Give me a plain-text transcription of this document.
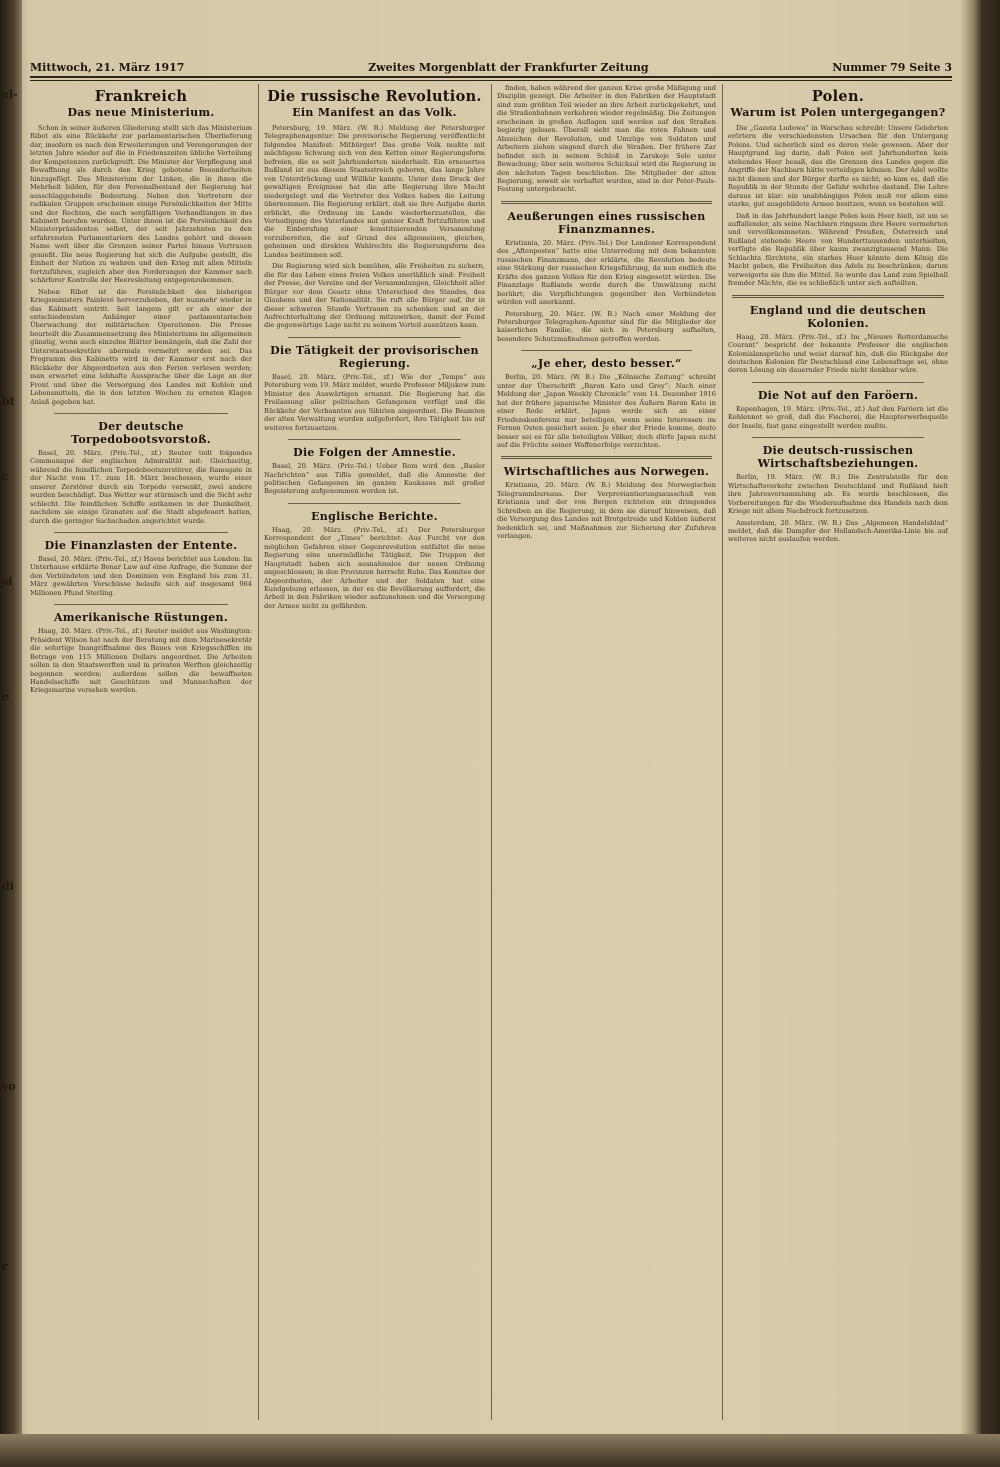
el-
bt
c
si
e
di
vo
r
Mittwoch, 21. März 1917	Zweites Morgenblatt der Frankfurter Zeitung	Nummer 79 Seite 3
Frankreich
Das neue Ministerium.

Schon in seiner äußeren Gliederung stellt sich das Ministerium Ribot als eine Rückkehr zur parlamentarischen Überlieferung dar, insofern es nach den Erweiterungen und Verengerungen der letzten Jahre wieder auf die in Friedenszeiten übliche Verteilung der Kompetenzen zurückgreift. Die Minister der Verpflegung und Bewaffnung als durch den Krieg gebotene Besonderheiten hinzugefügt. Das Ministerium der Linken, die in ihnen die Mehrheit bilden, für den Personalbestand der Regierung hat ausschlaggebende Bedeutung. Neben den Vertretern der radikalen Gruppen erscheinen einige Persönlichkeiten der Mitte und der Rechten, die nach sorgfältigen Verhandlungen in das Kabinett berufen wurden. Unter ihnen ist die Persönlichkeit des Ministerpräsidenten selbst, der seit Jahrzehnten zu den erfahrensten Parlamentariern des Landes gehört und dessen Name weit über die Grenzen seiner Partei hinaus Vertrauen genießt. Die neue Regierung hat sich die Aufgabe gestellt, die Einheit der Nation zu wahren und den Krieg mit allen Mitteln fortzuführen, zugleich aber den Forderungen der Kammer nach schärferer Kontrolle der Heeresleitung entgegenzukommen.

Neben Ribot ist die Persönlichkeit des bisherigen Kriegsministers Painlevé hervorzuheben, der nunmehr wieder in das Kabinett eintritt. Seit langem gilt er als einer der entschiedensten Anhänger einer parlamentarischen Überwachung der militärischen Operationen. Die Presse beurteilt die Zusammensetzung des Ministeriums im allgemeinen günstig, wenn auch einzelne Blätter bemängeln, daß die Zahl der Unterstaatssekretäre abermals vermehrt worden sei. Das Programm des Kabinetts wird in der Kammer erst nach der Rückkehr der Abgeordneten aus den Ferien verlesen werden; man erwartet eine lebhafte Aussprache über die Lage an der Front und über die Versorgung des Landes mit Kohlen und Lebensmitteln, die in den letzten Wochen zu ernsten Klagen Anlaß gegeben hat.

Der deutsche Torpedobootsvorstoß.

Basel, 20. März. (Priv.-Tel., zf.) Reuter teilt folgendes Communiqué der englischen Admiralität mit: Gleichzeitig, während die feindlichen Torpedobootszerstörer, die Ramsgate in der Nacht vom 17. zum 18. März beschossen, wurde einer unserer Zerstörer durch ein Torpedo versenkt, zwei andere wurden beschädigt. Das Wetter war stürmisch und die Sicht sehr schlecht. Die feindlichen Schiffe entkamen in der Dunkelheit, nachdem sie einige Granaten auf die Stadt abgefeuert hatten, durch die geringer Sachschaden angerichtet wurde.

Die Finanzlasten der Entente.

Basel, 20. März. (Priv.-Tel., zf.) Havas berichtet aus London: Im Unterhause erklärte Bonar Law auf eine Anfrage, die Summe der den Verbündeten und den Dominien von England bis zum 31. März gewährten Vorschüsse belaufe sich auf insgesamt 964 Millionen Pfund Sterling.

Amerikanische Rüstungen.

Haag, 20. März. (Priv.-Tel., zf.) Reuter meldet aus Washington: Präsident Wilson hat nach der Beratung mit dem Marinesekretär die sofortige Inangriffnahme des Baues von Kriegsschiffen im Betrage von 115 Millionen Dollars angeordnet. Die Arbeiten sollen in den Staatswerften und in privaten Werften gleichzeitig begonnen werden; außerdem sollen die bewaffneten Handelsschiffe mit Geschützen und Mannschaften der Kriegsmarine versehen werden.

Die russische Revolution.
Ein Manifest an das Volk.

Petersburg, 19. März. (W. B.) Meldung der Petersburger Telegraphenagentur: Die provisorische Regierung veröffentlicht folgendes Manifest: Mitbürger! Das große Volk mußte mit mächtigem Schwung sich von den Ketten einer Regierungsform befreien, die es seit Jahrhunderten niederhielt. Ein erneuertes Rußland ist aus diesem Staatsstreich geboren, das lange Jahre von Unterdrückung und Willkür kannte. Unter dem Druck der gewaltigen Ereignisse hat die alte Regierung ihre Macht niedergelegt und die Vertreter des Volkes haben die Leitung übernommen. Die Regierung erklärt, daß sie ihre Aufgabe darin erblickt, die Ordnung im Lande wiederherzustellen, die Verteidigung des Vaterlandes mit ganzer Kraft fortzuführen und die Einberufung einer konstituierenden Versammlung vorzubereiten, die auf Grund des allgemeinen, gleichen, geheimen und direkten Wahlrechts die Regierungsform des Landes bestimmen soll.

Die Regierung wird sich bemühen, alle Freiheiten zu sichern, die für das Leben eines freien Volkes unerläßlich sind: Freiheit der Presse, der Vereine und der Versammlungen, Gleichheit aller Bürger vor dem Gesetz ohne Unterschied des Standes, des Glaubens und der Nationalität. Sie ruft alle Bürger auf, ihr in dieser schweren Stunde Vertrauen zu schenken und an der Aufrechterhaltung der Ordnung mitzuwirken, damit der Feind die gegenwärtige Lage nicht zu seinem Vorteil ausnützen kann.

Die Tätigkeit der provisorischen Regierung.

Basel, 20. März. (Priv.-Tel., zf.) Wie der „Temps“ aus Petersburg vom 19. März meldet, wurde Professor Miljukow zum Minister des Auswärtigen ernannt. Die Regierung hat die Freilassung aller politischen Gefangenen verfügt und die Rückkehr der Verbannten aus Sibirien angeordnet. Die Beamten der alten Verwaltung wurden aufgefordert, ihre Tätigkeit bis auf weiteres fortzusetzen.

Die Folgen der Amnestie.

Basel, 20. März. (Priv.-Tel.) Ueber Rom wird den „Basler Nachrichten“ aus Tiflis gemeldet, daß die Amnestie der politischen Gefangenen im ganzen Kaukasus mit großer Begeisterung aufgenommen worden ist.

Englische Berichte.

Haag, 20. März. (Priv.-Tel., zf.) Der Petersburger Korrespondent der „Times“ berichtet: Aus Furcht vor den möglichen Gefahren einer Gegenrevolution entfaltet die neue Regierung eine unermüdliche Tätigkeit. Die Truppen der Hauptstadt haben sich ausnahmslos der neuen Ordnung angeschlossen; in den Provinzen herrscht Ruhe. Das Komitee der Abgeordneten, der Arbeiter und der Soldaten hat eine Kundgebung erlassen, in der es die Bevölkerung auffordert, die Arbeit in den Fabriken wieder aufzunehmen und die Versorgung der Armee nicht zu gefährden.

finden, haben während der ganzen Krise große Mäßigung und Disziplin gezeigt. Die Arbeiter in den Fabriken der Hauptstadt sind zum größten Teil wieder an ihre Arbeit zurückgekehrt, und die Straßenbahnen verkehren wieder regelmäßig. Die Zeitungen erscheinen in großen Auflagen und werden auf den Straßen begierig gelesen. Überall sieht man die roten Fahnen und Abzeichen der Revolution, und Umzüge von Soldaten und Arbeitern ziehen singend durch die Straßen. Der frühere Zar befindet sich in seinem Schloß in Zarskoje Selo unter Bewachung; über sein weiteres Schicksal wird die Regierung in den nächsten Tagen beschließen. Die Mitglieder der alten Regierung, soweit sie verhaftet wurden, sind in der Peter-Pauls-Festung untergebracht.

Aeußerungen eines russischen Finanzmannes.

Kristiania, 20. März. (Priv.-Tel.) Der Londoner Korrespondent des „Aftenposten“ hatte eine Unterredung mit dem bekannten russischen Finanzmann, der erklärte, die Revolution bedeute eine Stärkung der russischen Kriegsführung, da nun endlich die Kräfte des ganzen Volkes für den Krieg eingesetzt würden. Die Finanzlage Rußlands werde durch die Umwälzung nicht berührt; die Verpflichtungen gegenüber den Verbündeten würden voll anerkannt.

Petersburg, 20. März. (W. B.) Nach einer Meldung der Petersburger Telegraphen-Agentur sind für die Mitglieder der kaiserlichen Familie, die sich in Petersburg aufhalten, besondere Schutzmaßnahmen getroffen worden.

„Je eher, desto besser.“

Berlin, 20. März. (W. B.) Die „Kölnische Zeitung“ schreibt unter der Überschrift „Baron Kato und Grey“: Nach einer Meldung der „Japan Weekly Chronicle“ vom 14. Dezember 1916 hat der frühere japanische Minister des Äußern Baron Kato in einer Rede erklärt, Japan werde sich an einer Friedenskonferenz nur beteiligen, wenn seine Interessen im Fernen Osten gesichert seien. Je eher der Friede komme, desto besser sei es für alle beteiligten Völker, doch dürfe Japan nicht auf die Früchte seiner Waffenerfolge verzichten.

Wirtschaftliches aus Norwegen.

Kristiania, 20. März. (W. B.) Meldung des Norwegischen Telegrammbureaus. Der Verproviantierungsausschuß von Kristiania und der von Bergen richteten ein dringendes Schreiben an die Regierung, in dem sie darauf hinweisen, daß die Versorgung des Landes mit Brotgetreide und Kohlen äußerst bedenklich sei, und Maßnahmen zur Sicherung der Zufuhren verlangen.

Polen.
Warum ist Polen untergegangen?

Die „Gazeta Ludowa“ in Warschau schreibt: Unsere Gelehrten erörtern die verschiedensten Ursachen für den Untergang Polens. Und sicherlich sind es deren viele gewesen. Aber der Hauptgrund lag darin, daß Polen seit Jahrhunderten kein stehendes Heer besaß, das die Grenzen des Landes gegen die Angriffe der Nachbarn hätte verteidigen können. Der Adel wollte nicht dienen und der Bürger durfte es nicht; so kam es, daß die Republik in der Stunde der Gefahr wehrlos dastand. Die Lehre daraus ist klar: ein unabhängiges Polen muß vor allem eine starke, gut ausgebildete Armee besitzen, wenn es bestehen will.

Daß in das Jahrhundert lange Polen kein Heer hielt, ist um so auffallender, als seine Nachbarn ringsum ihre Heere vermehrten und vervollkommneten. Während Preußen, Österreich und Rußland stehende Heere von Hunderttausenden unterhielten, verfügte die Republik über kaum zwanzigtausend Mann. Die Schlachta fürchtete, ein starkes Heer könnte dem König die Macht geben, die Freiheiten des Adels zu beschränken; darum verweigerte sie ihm die Mittel. So wurde das Land zum Spielball fremder Mächte, die es schließlich unter sich aufteilten.

England und die deutschen Kolonien.

Haag, 20. März. (Priv.-Tel., zf.) Im „Nieuwe Rotterdamsche Courant“ bespricht der bekannte Professor die englischen Kolonialansprüche und weist darauf hin, daß die Rückgabe der deutschen Kolonien für Deutschland eine Lebensfrage sei, ohne deren Lösung ein dauernder Friede nicht denkbar wäre.

Die Not auf den Faröern.

Kopenhagen, 19. März. (Priv.-Tel., zf.) Auf den Faröern ist die Kohlennot so groß, daß die Fischerei, die Haupterwerbsquelle der Inseln, fast ganz eingestellt werden mußte.

Die deutsch-russischen Wirtschaftsbeziehungen.

Berlin, 19. März. (W. B.) Die Zentralstelle für den Wirtschaftsverkehr zwischen Deutschland und Rußland hielt ihre Jahresversammlung ab. Es wurde beschlossen, die Vorbereitungen für die Wiederaufnahme des Handels nach dem Kriege mit allem Nachdruck fortzusetzen.

Amsterdam, 20. März. (W. B.) Das „Algemeen Handelsblad“ meldet, daß die Dampfer der Hollandsch-Amerika-Linie bis auf weiteres nicht auslaufen werden.
